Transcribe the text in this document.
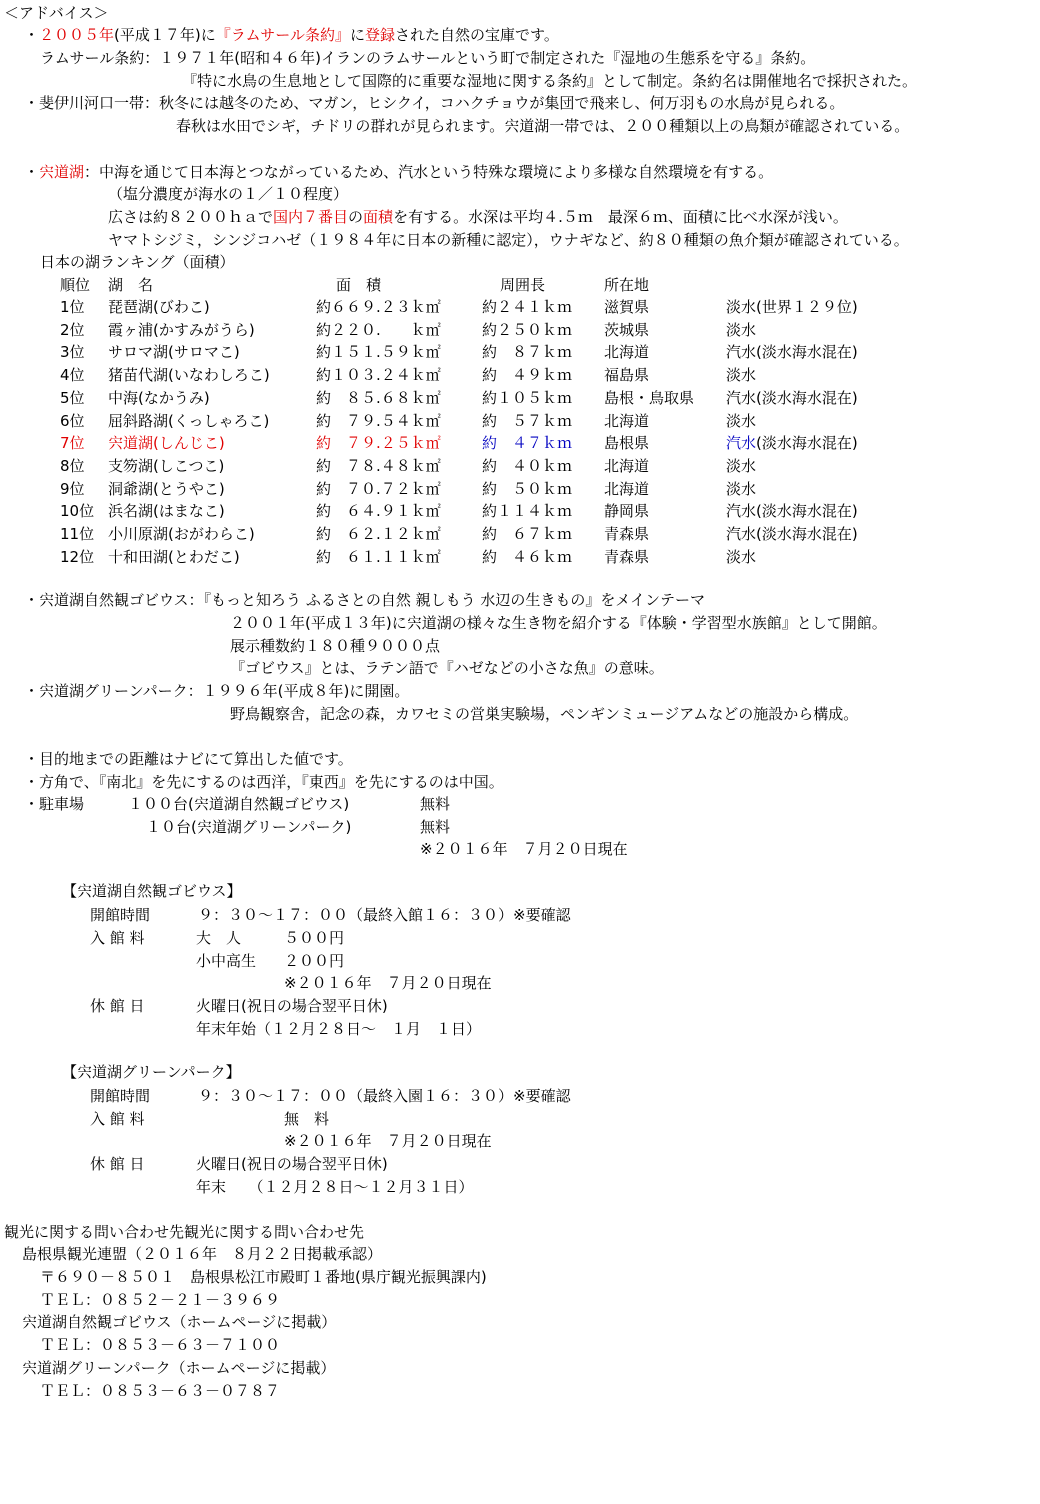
＜アドバイス＞
・２００５年(平成１７年)に『ラムサール条約』に登録された自然の宝庫です。
ラムサール条約：１９７１年(昭和４６年)イランのラムサールという町で制定された『湿地の生態系を守る』条約。
『特に水鳥の生息地として国際的に重要な湿地に関する条約』として制定。条約名は開催地名で採択された。
・斐伊川河口一帯：秋冬には越冬のため、マガン，ヒシクイ，コハクチョウが集団で飛来し、何万羽もの水鳥が見られる。
春秋は水田でシギ，チドリの群れが見られます。宍道湖一帯では、２００種類以上の鳥類が確認されている。
・宍道湖：中海を通じて日本海とつながっているため、汽水という特殊な環境により多様な自然環境を有する。
（塩分濃度が海水の１／１０程度）
広さは約８２００ｈａで国内７番目の面積を有する。水深は平均４.５ｍ　最深６ｍ、面積に比べ水深が浅い。
ヤマトシジミ，シンジコハゼ（１９８４年に日本の新種に認定），ウナギなど、約８０種類の魚介類が確認されている。
日本の湖ランキング（面積）
順位 湖　名	面　積	周囲長	所在地
1位 琵琶湖(びわこ)	約６６９.２３ｋ㎡	約２４１ｋｍ 滋賀県	淡水(世界１２９位)
2位 霞ヶ浦(かすみがうら)	約２２０.　　ｋ㎡	約２５０ｋｍ 茨城県	淡水
3位 サロマ湖(サロマこ)	約１５１.５９ｋ㎡	約　８７ｋｍ 北海道	汽水(淡水海水混在)
4位 猪苗代湖(いなわしろこ)	約１０３.２４ｋ㎡	約　４９ｋｍ 福島県	淡水
5位 中海(なかうみ)	約　８５.６８ｋ㎡	約１０５ｋｍ 島根・鳥取県 汽水(淡水海水混在)
6位 屈斜路湖(くっしゃろこ)	約　７９.５４ｋ㎡	約　５７ｋｍ 北海道	淡水
7位 宍道湖(しんじこ)	約　７９.２５ｋ㎡	約　４７ｋｍ 島根県	汽水(淡水海水混在)
8位 支笏湖(しこつこ)	約　７８.４８ｋ㎡	約　４０ｋｍ 北海道	淡水
9位 洞爺湖(とうやこ)	約　７０.７２ｋ㎡	約　５０ｋｍ 北海道	淡水
10位 浜名湖(はまなこ)	約　６４.９１ｋ㎡	約１１４ｋｍ 静岡県	汽水(淡水海水混在)
11位 小川原湖(おがわらこ)	約　６２.１２ｋ㎡	約　６７ｋｍ 青森県	汽水(淡水海水混在)
12位 十和田湖(とわだこ)	約　６１.１１ｋ㎡	約　４６ｋｍ 青森県	淡水
・宍道湖自然観ゴビウス：『もっと知ろう ふるさとの自然 親しもう 水辺の生きもの』をメインテーマ
２００１年(平成１３年)に宍道湖の様々な生き物を紹介する『体験・学習型水族館』として開館。
展示種数約１８０種９０００点
『ゴビウス』とは、ラテン語で『ハゼなどの小さな魚』の意味。
・宍道湖グリーンパーク：１９９６年(平成８年)に開園。
野鳥観察舎，記念の森，カワセミの営巣実験場，ペンギンミュージアムなどの施設から構成。
・目的地までの距離はナビにて算出した値です。
・方角で、『南北』を先にするのは西洋，『東西』を先にするのは中国。
・駐車場	１００台(宍道湖自然観ゴビウス)	無料
１０台(宍道湖グリーンパーク)	無料
※２０１６年　７月２０日現在
【宍道湖自然観ゴビウス】
開館時間	９：３０～１７：００（最終入館１６：３０）※要確認
入 館 料	大　人	５００円
小中高生 ２００円
※２０１６年　７月２０日現在
休 館 日	火曜日(祝日の場合翌平日休)
年末年始（１２月２８日～　１月　１日）
【宍道湖グリーンパーク】
開館時間	９：３０～１７：００（最終入園１６：３０）※要確認
入 館 料	無　料
※２０１６年　７月２０日現在
休 館 日	火曜日(祝日の場合翌平日休)
年末　　（１２月２８日～１２月３１日）
観光に関する問い合わせ先観光に関する問い合わせ先
島根県観光連盟（２０１６年　８月２２日掲載承認）
〒６９０－８５０１　島根県松江市殿町１番地(県庁観光振興課内)
ＴＥＬ：０８５２－２１－３９６９
宍道湖自然観ゴビウス（ホームページに掲載）
ＴＥＬ：０８５３－６３－７１００
宍道湖グリーンパーク（ホームページに掲載）
ＴＥＬ：０８５３－６３－０７８７
